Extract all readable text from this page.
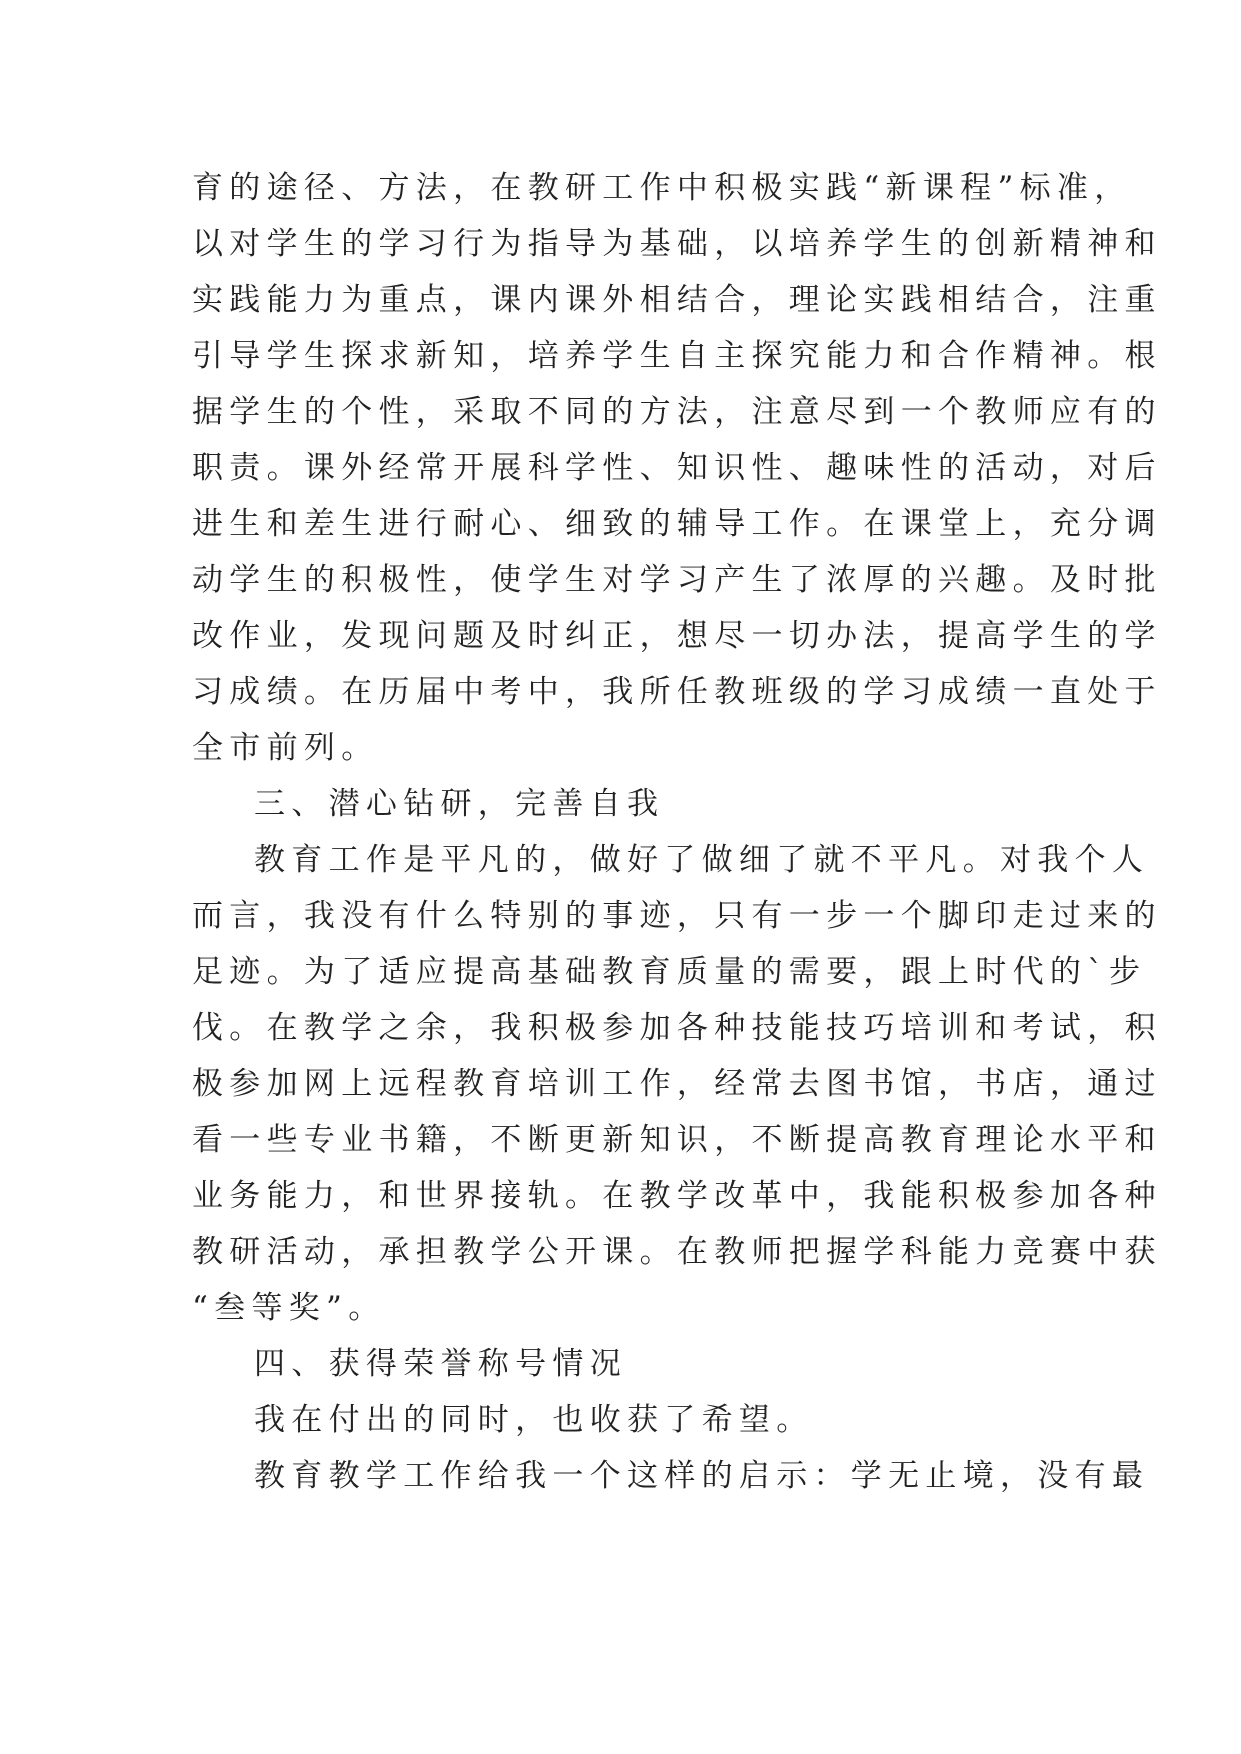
育的途径、方法，在教研工作中积极实践“新课程”标准，
以对学生的学习行为指导为基础，以培养学生的创新精神和
实践能力为重点，课内课外相结合，理论实践相结合，注重
引导学生探求新知，培养学生自主探究能力和合作精神。根
据学生的个性，采取不同的方法，注意尽到一个教师应有的
职责。课外经常开展科学性、知识性、趣味性的活动，对后
进生和差生进行耐心、细致的辅导工作。在课堂上，充分调
动学生的积极性，使学生对学习产生了浓厚的兴趣。及时批
改作业，发现问题及时纠正，想尽一切办法，提高学生的学
习成绩。在历届中考中，我所任教班级的学习成绩一直处于
全市前列。
三、潜心钻研，完善自我
教育工作是平凡的，做好了做细了就不平凡。对我个人
而言，我没有什么特别的事迹，只有一步一个脚印走过来的
足迹。为了适应提高基础教育质量的需要，跟上时代的`步
伐。在教学之余，我积极参加各种技能技巧培训和考试，积
极参加网上远程教育培训工作，经常去图书馆，书店，通过
看一些专业书籍，不断更新知识，不断提高教育理论水平和
业务能力，和世界接轨。在教学改革中，我能积极参加各种
教研活动，承担教学公开课。在教师把握学科能力竞赛中获
“叁等奖”。
四、获得荣誉称号情况
我在付出的同时，也收获了希望。
教育教学工作给我一个这样的启示：学无止境，没有最
